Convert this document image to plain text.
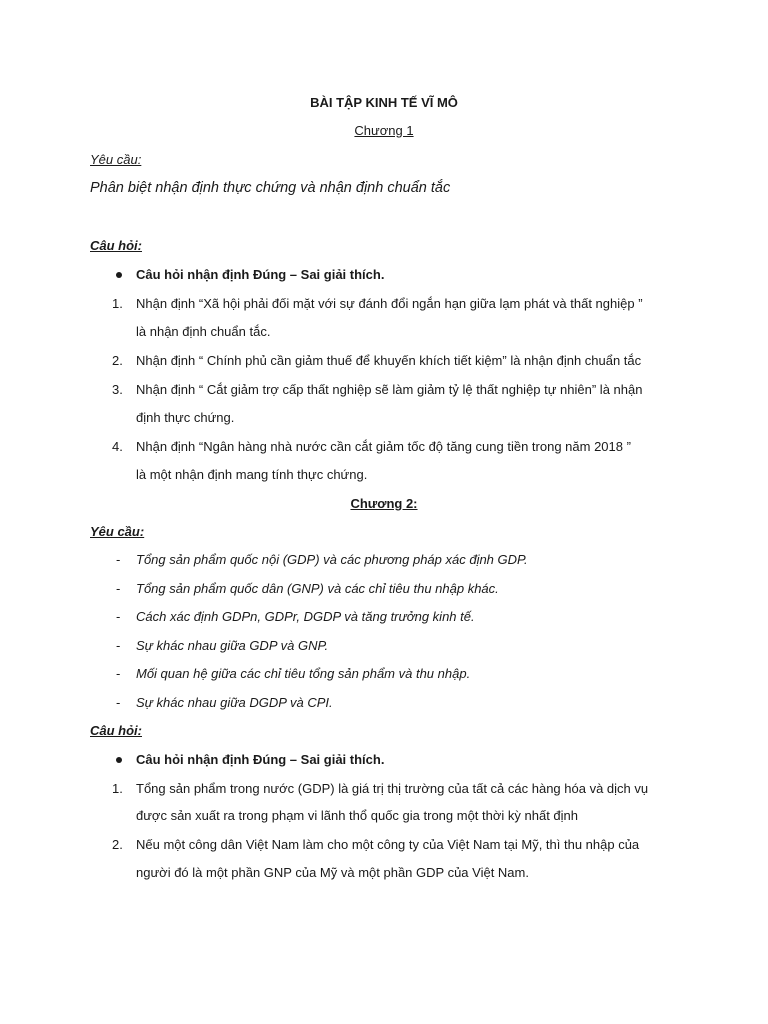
BÀI TẬP KINH TẾ VĨ MÔ
Chương 1
Yêu cầu:
Phân biệt nhận định thực chứng và nhận định chuẩn tắc
Câu hỏi:
Câu hỏi nhận định Đúng – Sai giải thích.
1. Nhận định “Xã hội phải đối mặt với sự đánh đổi ngắn hạn giữa lạm phát và thất nghiệp ”
là nhận định chuẩn tắc.
2. Nhận định “ Chính phủ cần giảm thuế để khuyến khích tiết kiệm” là nhận định chuẩn tắc
3. Nhận định “ Cắt giảm trợ cấp thất nghiệp sẽ làm giảm tỷ lệ thất nghiệp tự nhiên” là nhận
định thực chứng.
4. Nhận định “Ngân hàng nhà nước cần cắt giảm tốc độ tăng cung tiền trong năm 2018 ”
là một nhận định mang tính thực chứng.
Chương 2:
Yêu cầu:
- Tổng sản phẩm quốc nội (GDP) và các phương pháp xác định GDP.
- Tổng sản phẩm quốc dân (GNP) và các chỉ tiêu thu nhập khác.
- Cách xác định GDPn, GDPr, DGDP và tăng trưởng kinh tế.
- Sự khác nhau giữa GDP và GNP.
- Mối quan hệ giữa các chỉ tiêu tổng sản phẩm và thu nhập.
- Sự khác nhau giữa DGDP và CPI.
Câu hỏi:
Câu hỏi nhận định Đúng – Sai giải thích.
1. Tổng sản phẩm trong nước (GDP) là giá trị thị trường của tất cả các hàng hóa và dịch vụ
được sản xuất ra trong phạm vi lãnh thổ quốc gia trong một thời kỳ nhất định
2. Nếu một công dân Việt Nam làm cho một công ty của Việt Nam tại Mỹ, thì thu nhập của
người đó là một phần GNP của Mỹ và một phần GDP của Việt Nam.
